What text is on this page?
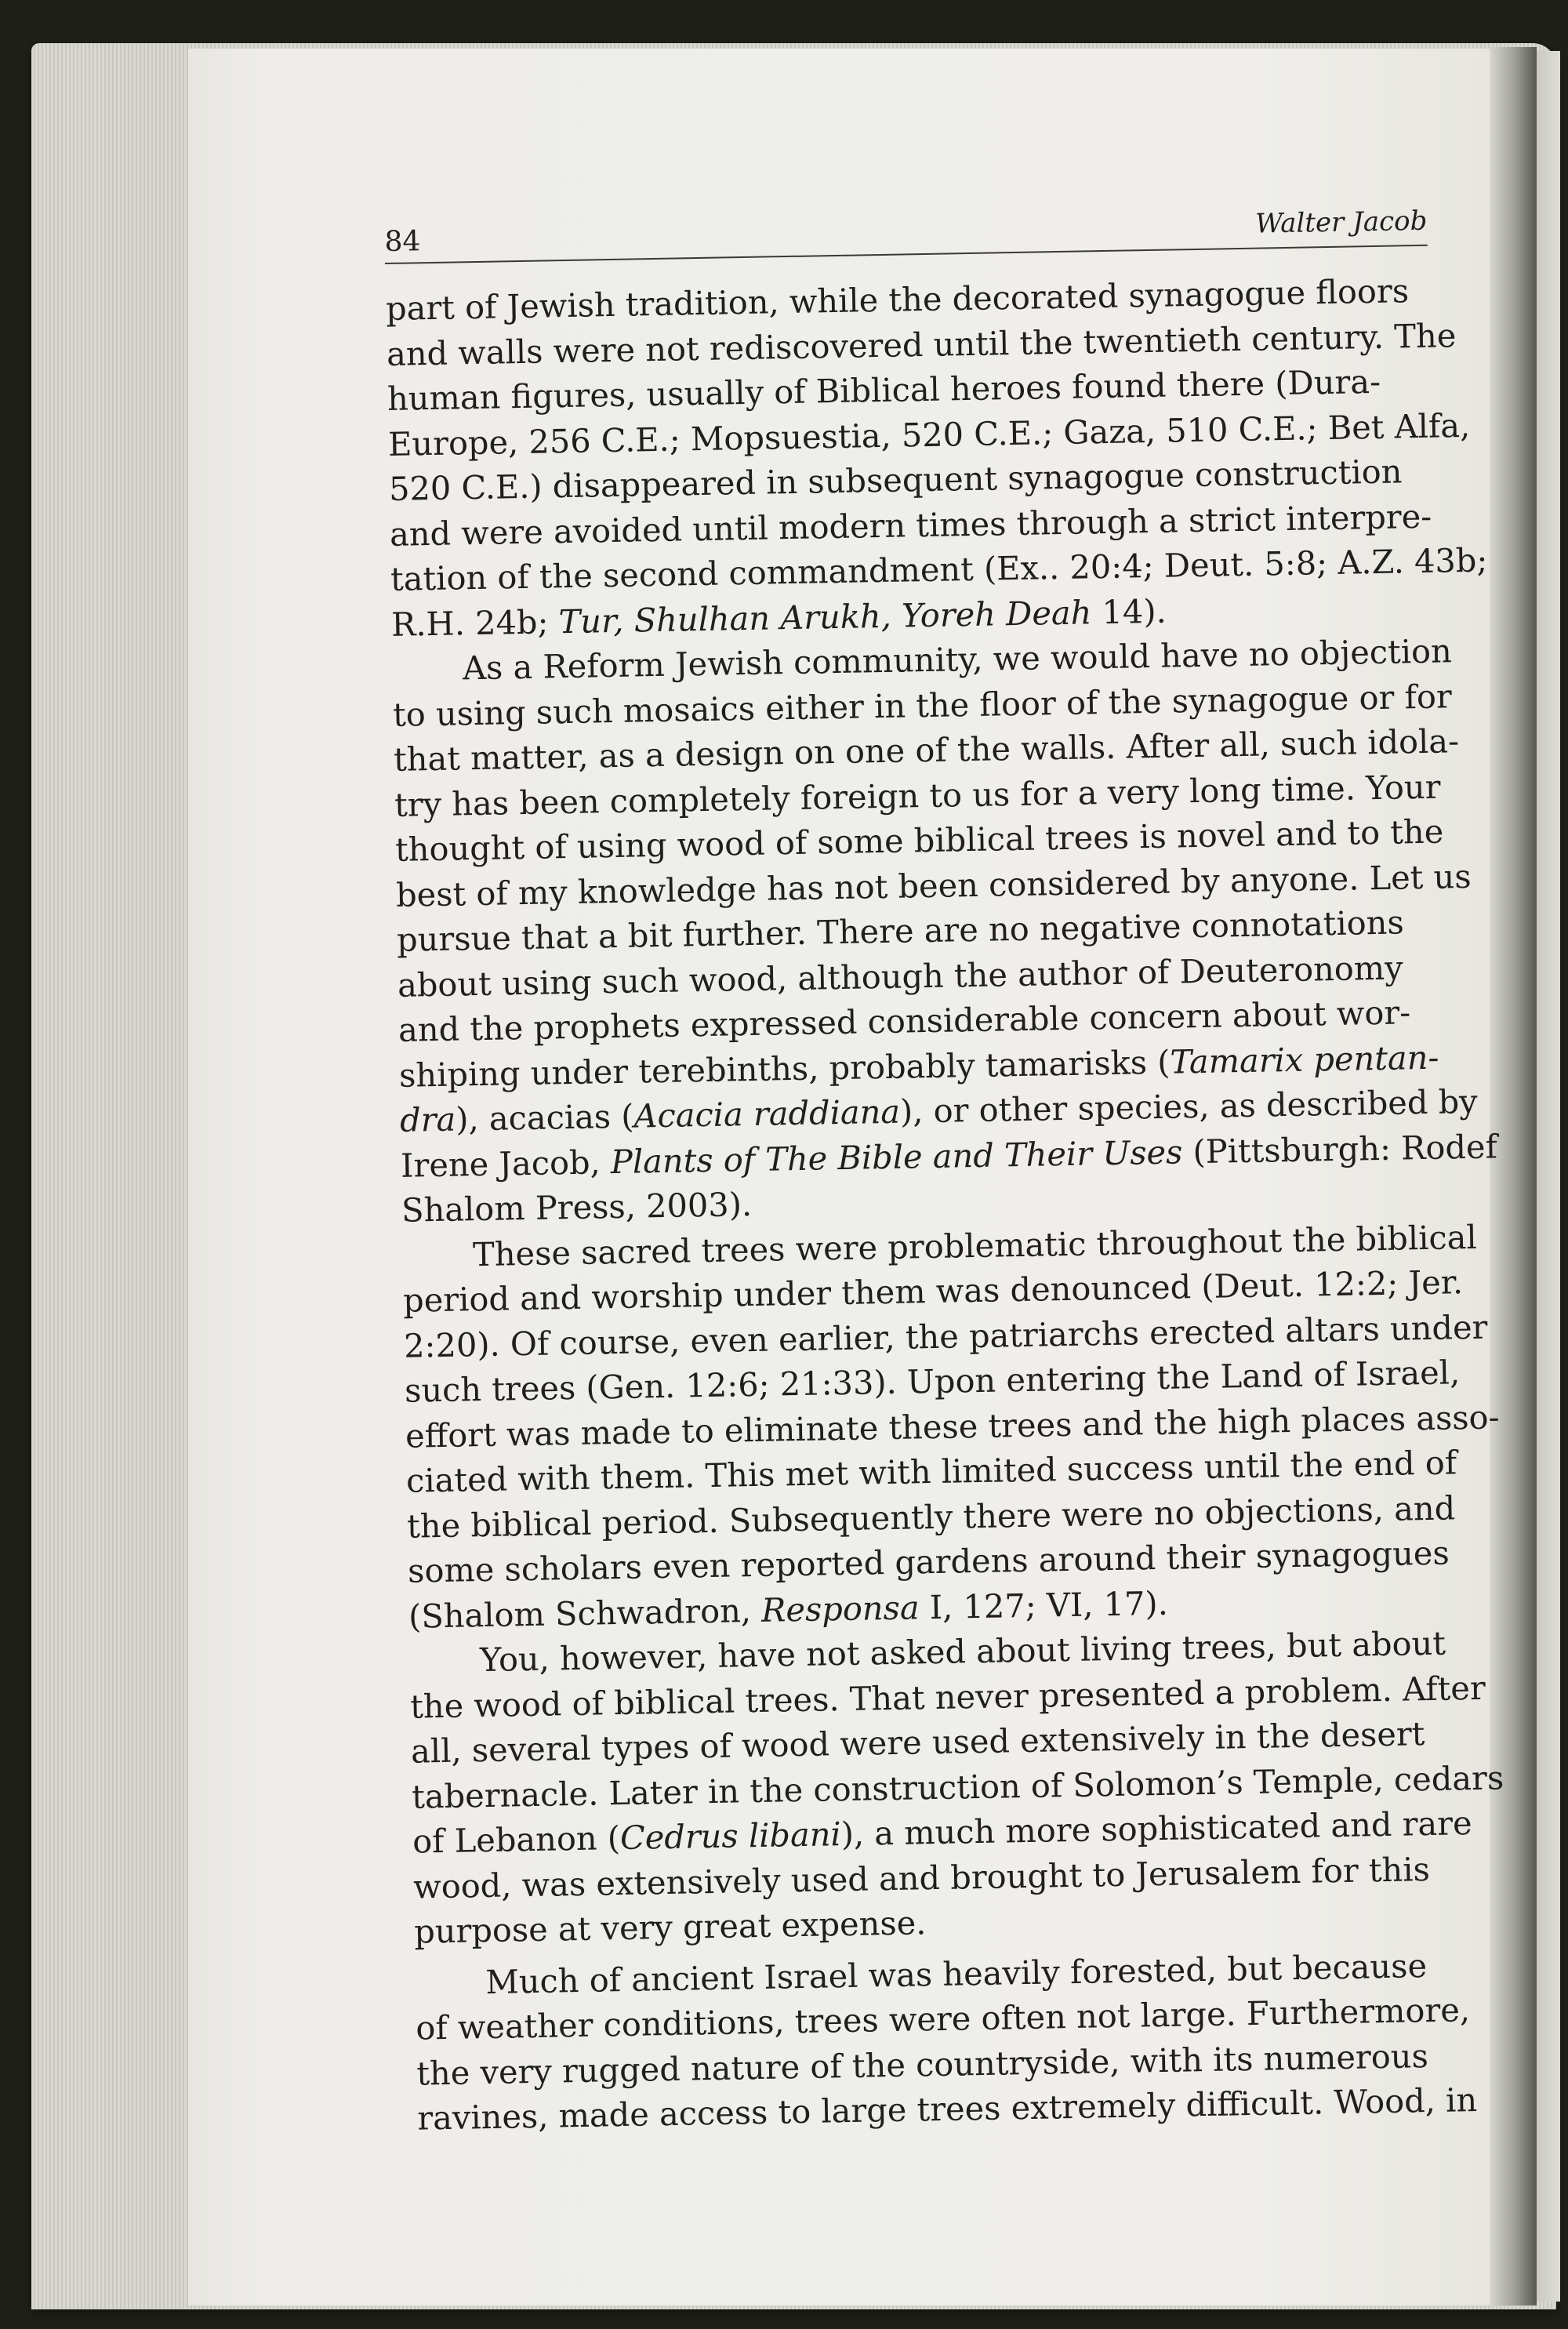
84
Walter Jacob
part of Jewish tradition, while the decorated synagogue floors
and walls were not rediscovered until the twentieth century. The
human figures, usually of Biblical heroes found there (Dura-
Europe, 256 C.E.; Mopsuestia, 520 C.E.; Gaza, 510 C.E.; Bet Alfa,
520 C.E.) disappeared in subsequent synagogue construction
and were avoided until modern times through a strict interpre-
tation of the second commandment (Ex.. 20:4; Deut. 5:8; A.Z. 43b;
R.H. 24b; Tur, Shulhan Arukh, Yoreh Deah 14).
As a Reform Jewish community, we would have no objection
to using such mosaics either in the floor of the synagogue or for
that matter, as a design on one of the walls. After all, such idola-
try has been completely foreign to us for a very long time. Your
thought of using wood of some biblical trees is novel and to the
best of my knowledge has not been considered by anyone. Let us
pursue that a bit further. There are no negative connotations
about using such wood, although the author of Deuteronomy
and the prophets expressed considerable concern about wor-
shiping under terebinths, probably tamarisks (Tamarix pentan-
dra), acacias (Acacia raddiana), or other species, as described by
Irene Jacob, Plants of The Bible and Their Uses (Pittsburgh: Rodef
Shalom Press, 2003).
These sacred trees were problematic throughout the biblical
period and worship under them was denounced (Deut. 12:2; Jer.
2:20). Of course, even earlier, the patriarchs erected altars under
such trees (Gen. 12:6; 21:33). Upon entering the Land of Israel,
effort was made to eliminate these trees and the high places asso-
ciated with them. This met with limited success until the end of
the biblical period. Subsequently there were no objections, and
some scholars even reported gardens around their synagogues
(Shalom Schwadron, Responsa I, 127; VI, 17).
You, however, have not asked about living trees, but about
the wood of biblical trees. That never presented a problem. After
all, several types of wood were used extensively in the desert
tabernacle. Later in the construction of Solomon’s Temple, cedars
of Lebanon (Cedrus libani), a much more sophisticated and rare
wood, was extensively used and brought to Jerusalem for this
purpose at very great expense.
Much of ancient Israel was heavily forested, but because
of weather conditions, trees were often not large. Furthermore,
the very rugged nature of the countryside, with its numerous
ravines, made access to large trees extremely difficult. Wood, in
